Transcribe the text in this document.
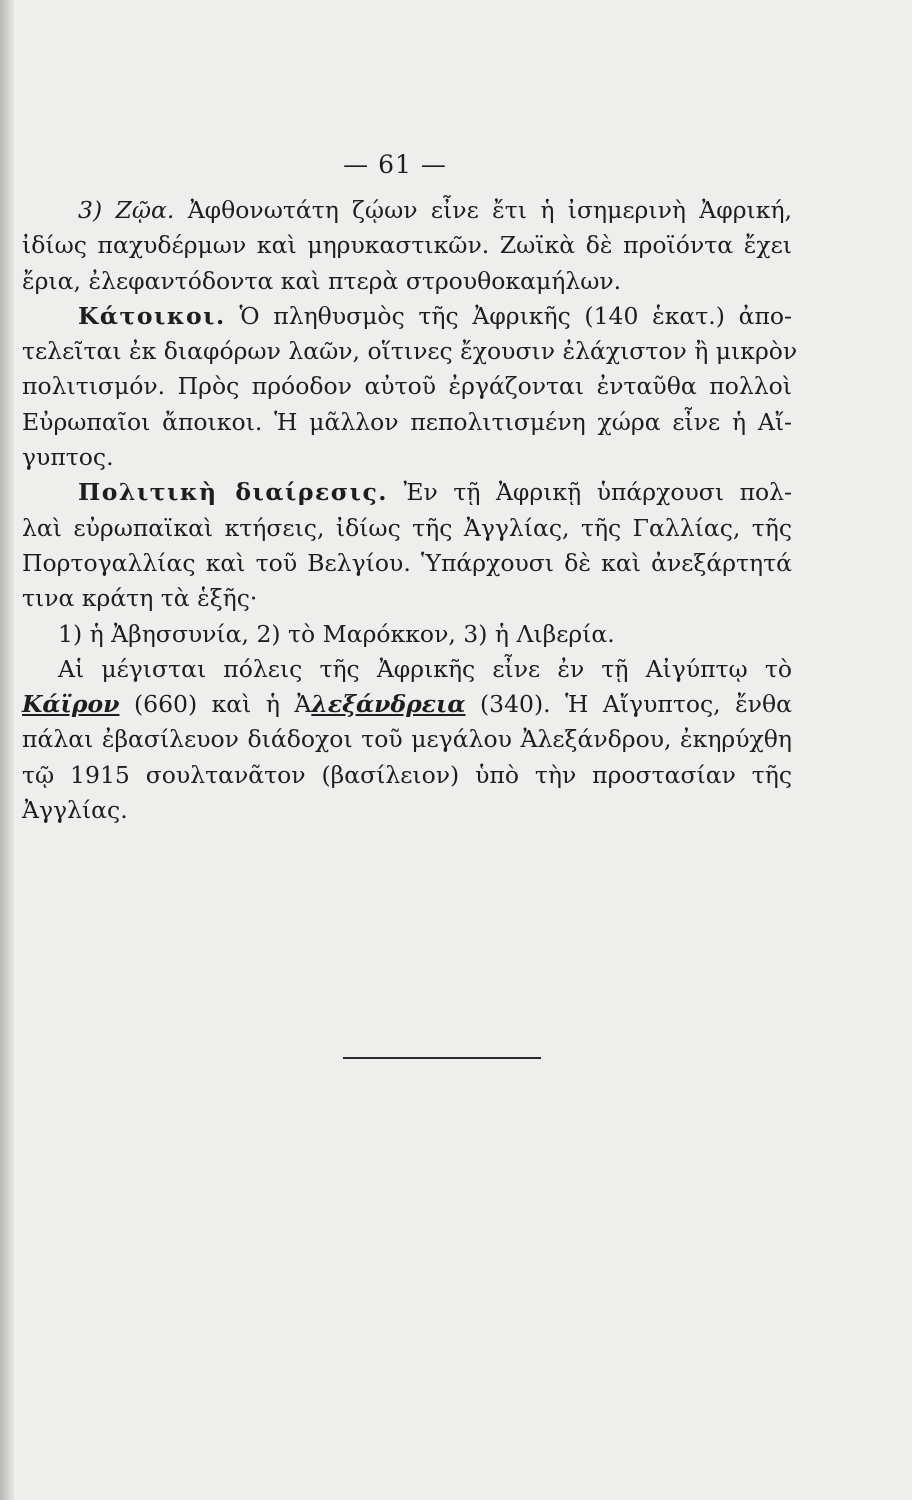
— 61 —
3) Ζῷα. Ἀφθονωτάτη ζῴων εἶνε ἔτι ἡ ἰσημερινὴ Ἀφρική,
ἰδίως παχυδέρμων καὶ μηρυκαστικῶν. Ζωϊκὰ δὲ προϊόντα ἔχει
ἔρια, ἐλεφαντόδοντα καὶ πτερὰ στρουθοκαμήλων.
Κάτοικοι. Ὁ πληθυσμὸς τῆς Ἀφρικῆς (140 ἑκατ.) ἀπο-
τελεῖται ἐκ διαφόρων λαῶν, οἵτινες ἔχουσιν ἐλάχιστον ἢ μικρὸν
πολιτισμόν. Πρὸς πρόοδον αὐτοῦ ἐργάζονται ἐνταῦθα πολλοὶ
Εὐρωπαῖοι ἄποικοι. Ἡ μᾶλλον πεπολιτισμένη χώρα εἶνε ἡ Αἴ-
γυπτος.
Πολιτικὴ διαίρεσις. Ἐν τῇ Ἀφρικῇ ὑπάρχουσι πολ-
λαὶ εὐρωπαϊκαὶ κτήσεις, ἰδίως τῆς Ἀγγλίας, τῆς Γαλλίας, τῆς
Πορτογαλλίας καὶ τοῦ Βελγίου. Ὑπάρχουσι δὲ καὶ ἀνεξάρτητά
τινα κράτη τὰ ἑξῆς·
1) ἡ Ἀβησσυνία, 2) τὸ Μαρόκκον, 3) ἡ Λιβερία.
Αἱ μέγισται πόλεις τῆς Ἀφρικῆς εἶνε ἐν τῇ Αἰγύπτῳ τὸ
Κάϊρον (660) καὶ ἡ Ἀλεξάνδρεια (340). Ἡ Αἴγυπτος, ἔνθα
πάλαι ἐβασίλευον διάδοχοι τοῦ μεγάλου Ἀλεξάνδρου, ἐκηρύχθη
τῷ 1915 σουλτανᾶτον (βασίλειον) ὑπὸ τὴν προστασίαν τῆς
Ἀγγλίας.
